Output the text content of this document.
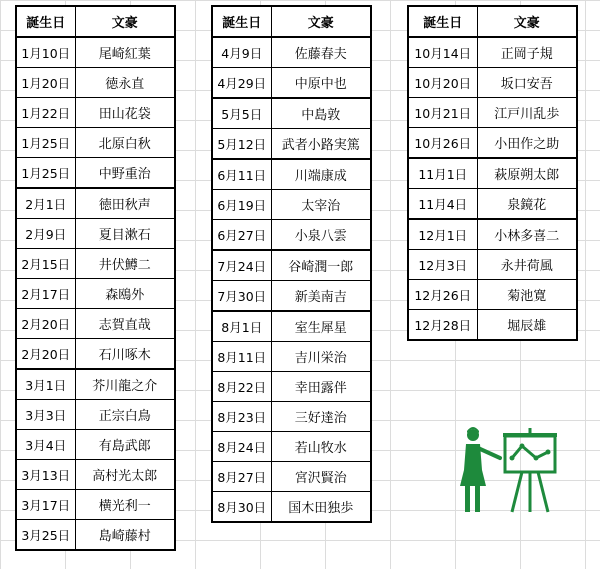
誕生日	文豪
1月10日	尾崎紅葉
1月20日	徳永直
1月22日	田山花袋
1月25日	北原白秋
1月25日	中野重治
2月1日	徳田秋声
2月9日	夏目漱石
2月15日	井伏鱒二
2月17日	森鴎外
2月20日	志賀直哉
2月20日	石川啄木
3月1日	芥川龍之介
3月3日	正宗白鳥
3月4日	有島武郎
3月13日	高村光太郎
3月17日	横光利一
3月25日	島崎藤村
誕生日	文豪
4月9日	佐藤春夫
4月29日	中原中也
5月5日	中島敦
5月12日	武者小路実篤
6月11日	川端康成
6月19日	太宰治
6月27日	小泉八雲
7月24日	谷崎潤一郎
7月30日	新美南吉
8月1日	室生犀星
8月11日	吉川栄治
8月22日	幸田露伴
8月23日	三好達治
8月24日	若山牧水
8月27日	宮沢賢治
8月30日	国木田独歩
誕生日	文豪
10月14日	正岡子規
10月20日	坂口安吾
10月21日	江戸川乱歩
10月26日	小田作之助
11月1日	萩原朔太郎
11月4日	泉鏡花
12月1日	小林多喜二
12月3日	永井荷風
12月26日	菊池寛
12月28日	堀辰雄
